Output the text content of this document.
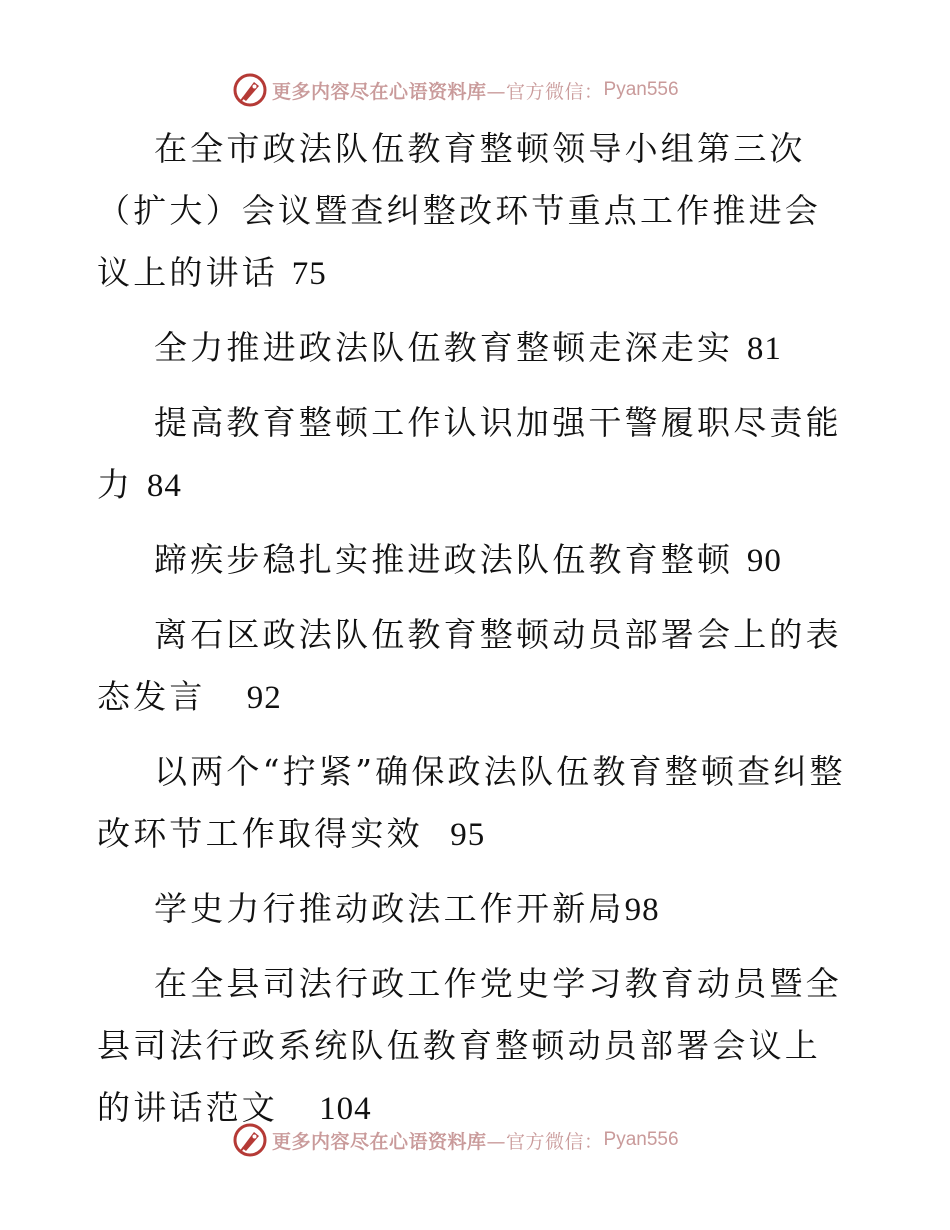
更多内容尽在心语资料库 —官方微信： Pyan556

在全市政法队伍教育整顿领导小组第三次（扩大）会议暨查纠整改环节重点工作推进会议上的讲话 75

全力推进政法队伍教育整顿走深走实 81

提高教育整顿工作认识加强干警履职尽责能力 84

蹄疾步稳扎实推进政法队伍教育整顿 90

离石区政法队伍教育整顿动员部署会上的表态发言 92

以两个“拧紧”确保政法队伍教育整顿查纠整改环节工作取得实效 95

学史力行推动政法工作开新局98

在全县司法行政工作党史学习教育动员暨全县司法行政系统队伍教育整顿动员部署会议上的讲话范文 104

更多内容尽在心语资料库 —官方微信： Pyan556
